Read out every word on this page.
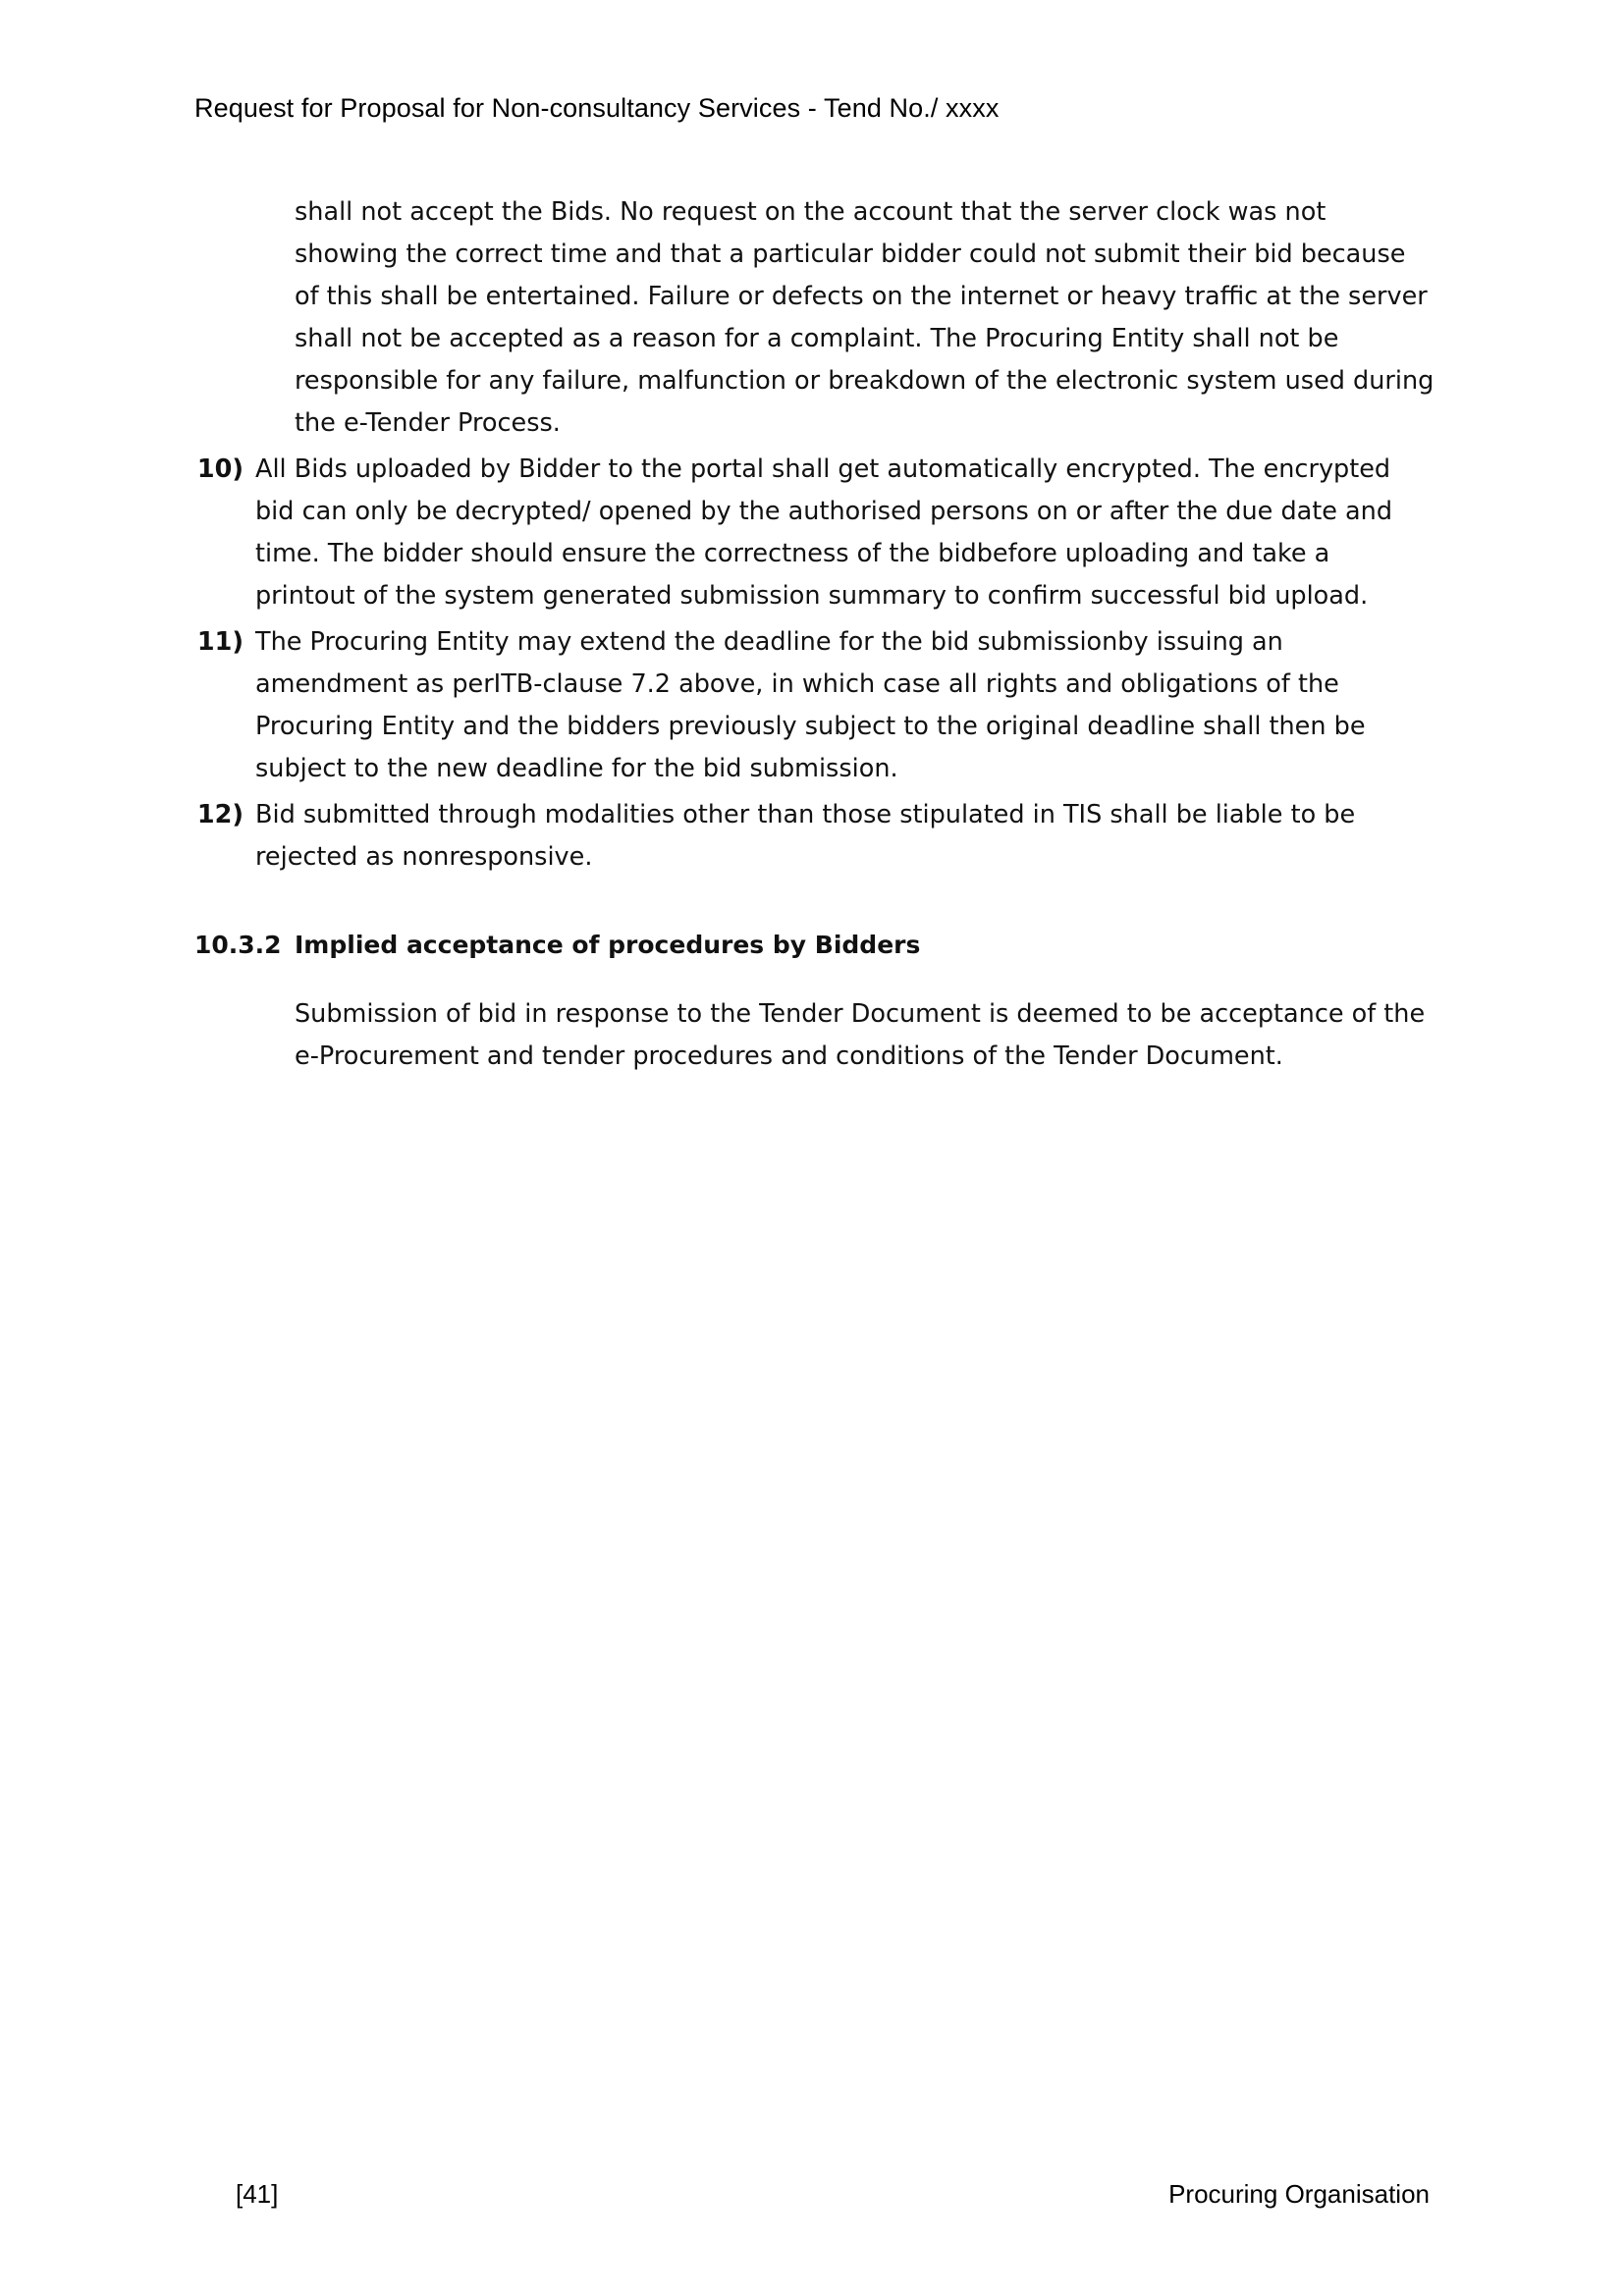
Request for Proposal for Non-consultancy Services - Tend No./ xxxx
shall not accept the Bids. No request on the account that the server clock was not showing the correct time and that a particular bidder could not submit their bid because of this shall be entertained. Failure or defects on the internet or heavy traffic at the server shall not be accepted as a reason for a complaint. The Procuring Entity shall not be responsible for any failure, malfunction or breakdown of the electronic system used during the e-Tender Process.
10) All Bids uploaded by Bidder to the portal shall get automatically encrypted. The encrypted bid can only be decrypted/ opened by the authorised persons on or after the due date and time. The bidder should ensure the correctness of the bidbefore uploading and take a printout of the system generated submission summary to confirm successful bid upload.
11) The Procuring Entity may extend the deadline for the bid submissionby issuing an amendment as perITB-clause 7.2 above, in which case all rights and obligations of the Procuring Entity and the bidders previously subject to the original deadline shall then be subject to the new deadline for the bid submission.
12) Bid submitted through modalities other than those stipulated in TIS shall be liable to be rejected as nonresponsive.
10.3.2 Implied acceptance of procedures by Bidders
Submission of bid in response to the Tender Document is deemed to be acceptance of the e-Procurement and tender procedures and conditions of the Tender Document.
[41]	Procuring Organisation
